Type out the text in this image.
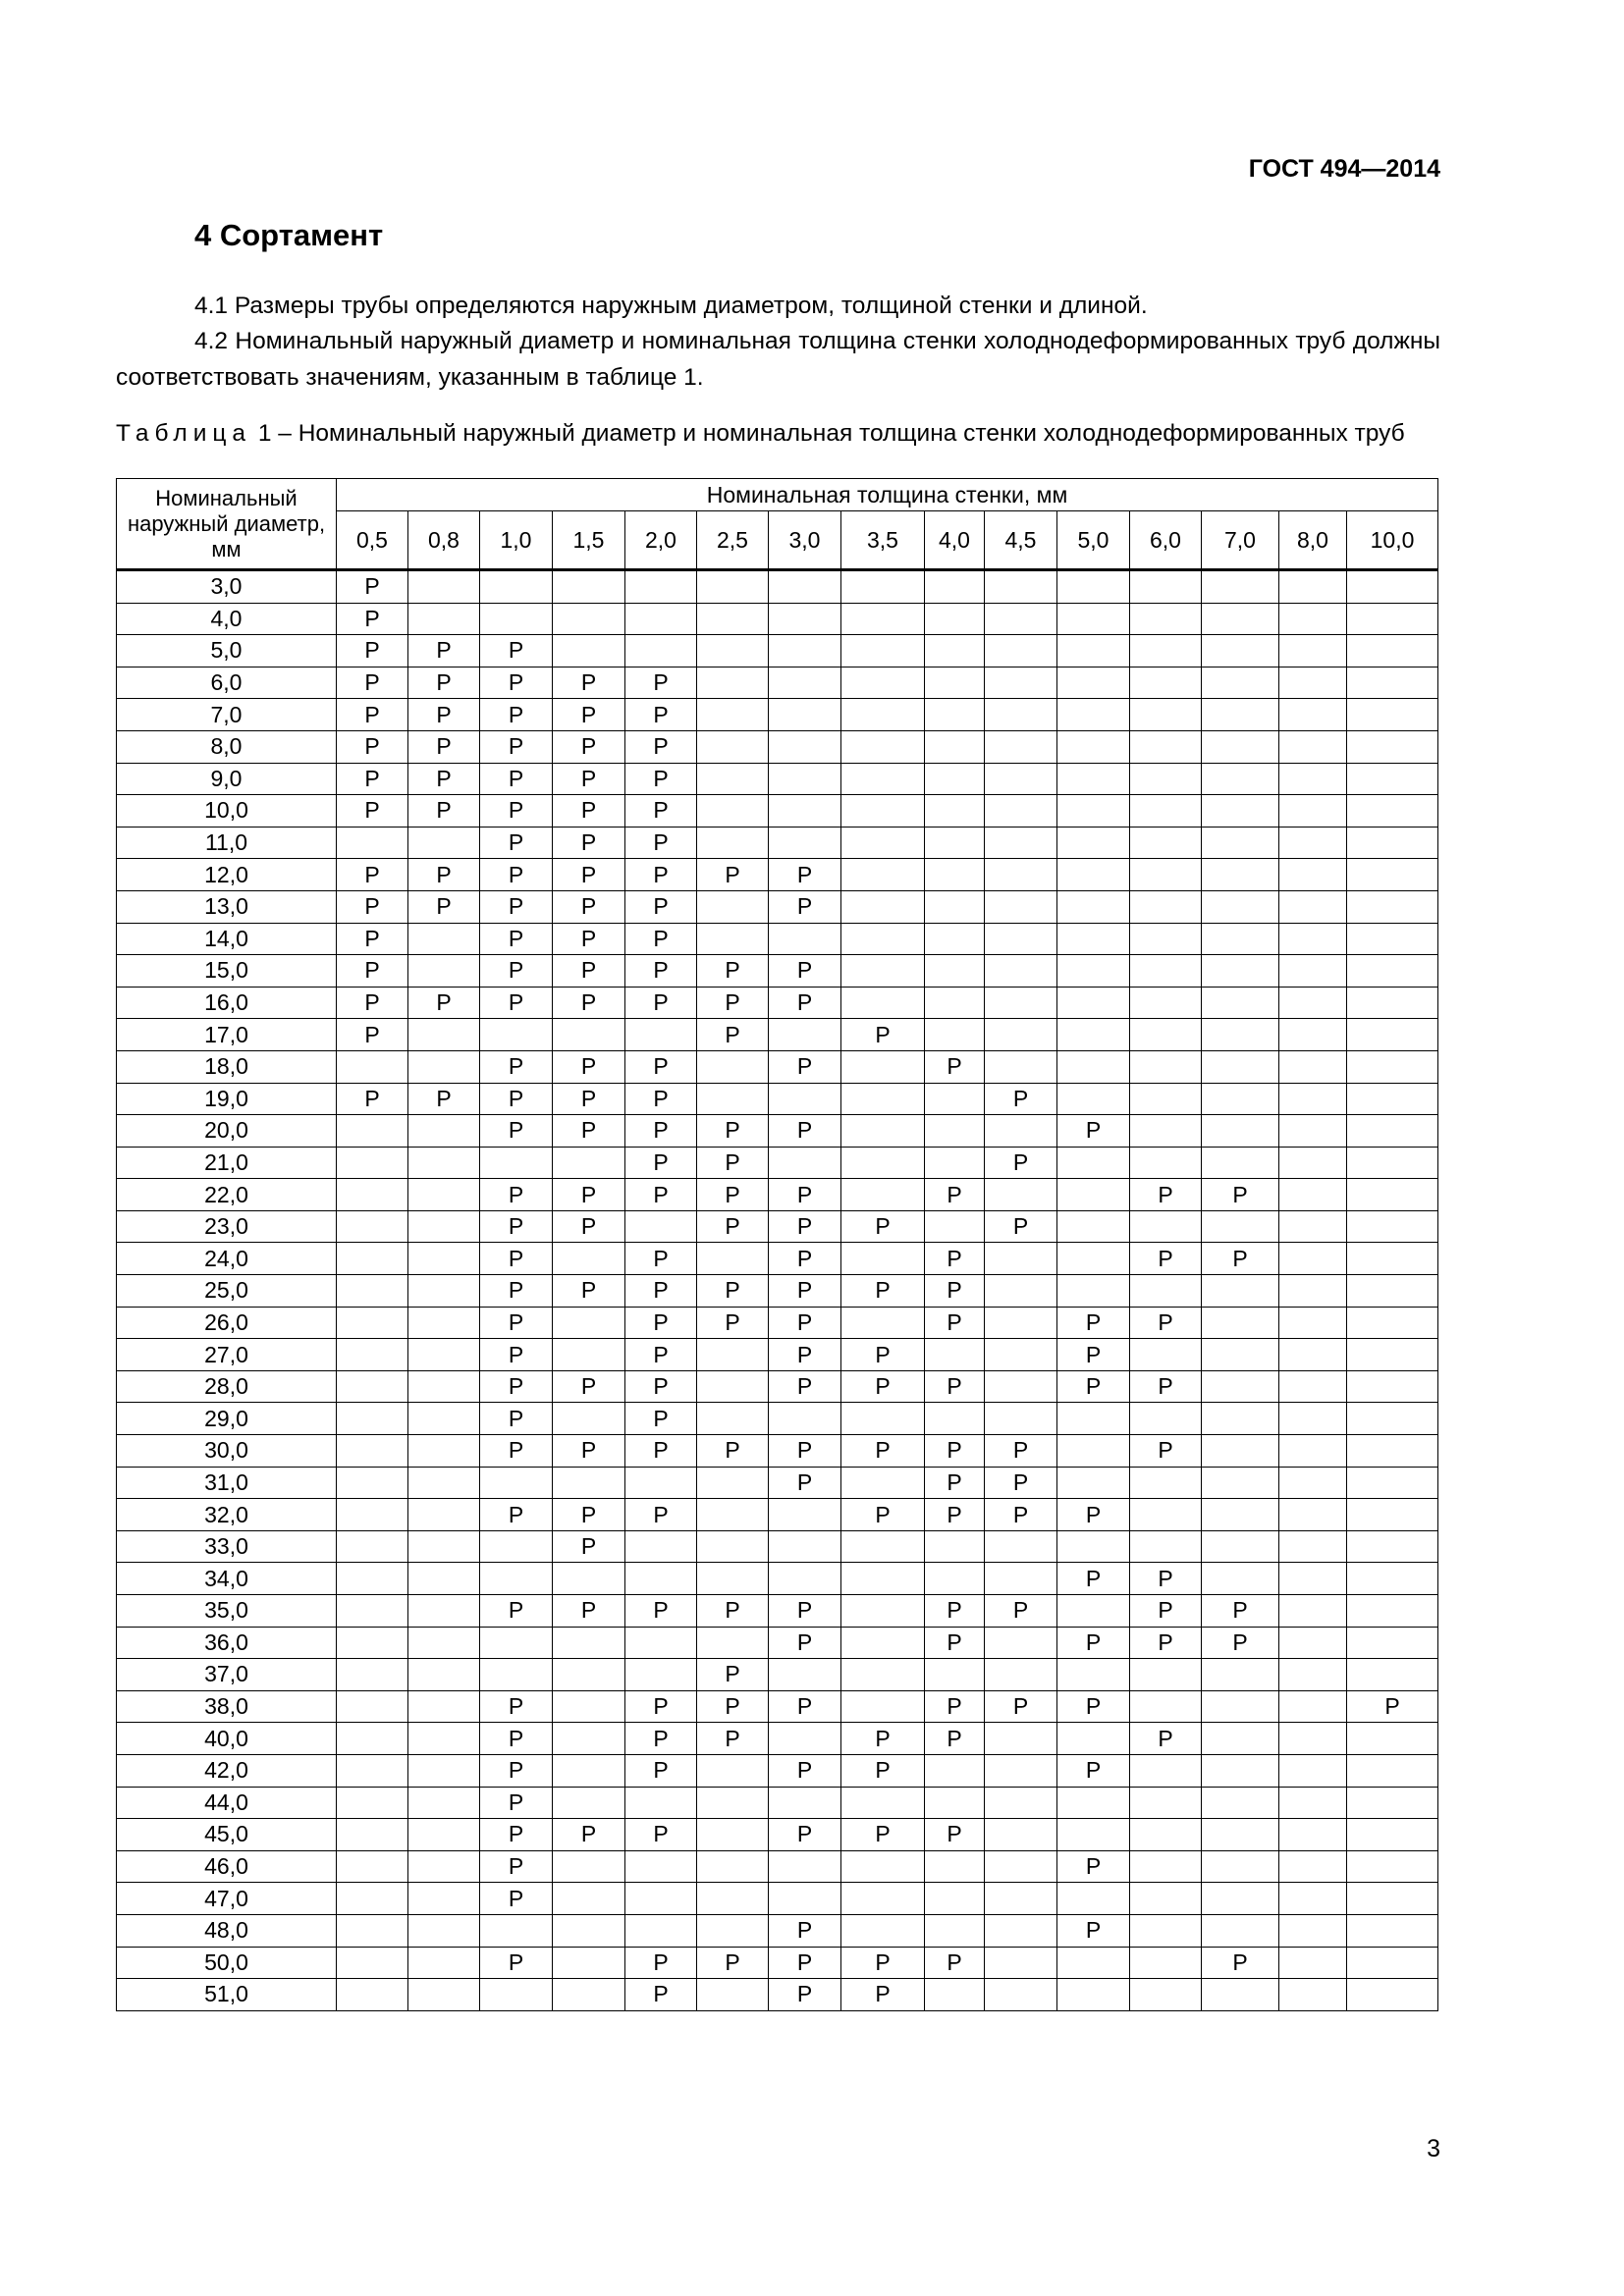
ГОСТ 494—2014
4 Сортамент
4.1 Размеры трубы определяются наружным диаметром, толщиной стенки и длиной.
4.2 Номинальный наружный диаметр и номинальная толщина стенки холоднодеформированных труб должны соответствовать значениям, указанным в таблице 1.
Таблица 1 – Номинальный наружный диаметр и номинальная толщина стенки холоднодеформированных труб
Номинальный наружный диаметр, мм	Номинальная толщина стенки, мм														
	0,5	0,8	1,0	1,5	2,0	2,5	3,0	3,5	4,0	4,5	5,0	6,0	7,0	8,0	10,0
3,0	Р														
4,0	Р														
5,0	Р	Р	Р												
6,0	Р	Р	Р	Р	Р										
7,0	Р	Р	Р	Р	Р										
8,0	Р	Р	Р	Р	Р										
9,0	Р	Р	Р	Р	Р										
10,0	Р	Р	Р	Р	Р										
11,0			Р	Р	Р										
12,0	Р	Р	Р	Р	Р	Р	Р								
13,0	Р	Р	Р	Р	Р		Р								
14,0	Р		Р	Р	Р										
15,0	Р		Р	Р	Р	Р	Р								
16,0	Р	Р	Р	Р	Р	Р	Р								
17,0	Р					Р		Р							
18,0			Р	Р	Р		Р		Р						
19,0	Р	Р	Р	Р	Р					Р					
20,0			Р	Р	Р	Р	Р				Р				
21,0					Р	Р				Р					
22,0			Р	Р	Р	Р	Р		Р			Р	Р		
23,0			Р	Р		Р	Р	Р		Р					
24,0			Р		Р		Р		Р			Р	Р		
25,0			Р	Р	Р	Р	Р	Р	Р						
26,0			Р		Р	Р	Р		Р		Р	Р			
27,0			Р		Р		Р	Р			Р				
28,0			Р	Р	Р		Р	Р	Р		Р	Р			
29,0			Р		Р										
30,0			Р	Р	Р	Р	Р	Р	Р	Р		Р			
31,0							Р		Р	Р					
32,0			Р	Р	Р			Р	Р	Р	Р				
33,0				Р											
34,0											Р	Р			
35,0			Р	Р	Р	Р	Р		Р	Р		Р	Р		
36,0							Р		Р		Р	Р	Р		
37,0						Р									
38,0			Р		Р	Р	Р		Р	Р	Р				Р
40,0			Р		Р	Р		Р	Р			Р			
42,0			Р		Р		Р	Р			Р				
44,0			Р												
45,0			Р	Р	Р		Р	Р	Р						
46,0			Р								Р				
47,0			Р												
48,0							Р				Р				
50,0			Р		Р	Р	Р	Р	Р				Р		
51,0					Р		Р	Р							
3
